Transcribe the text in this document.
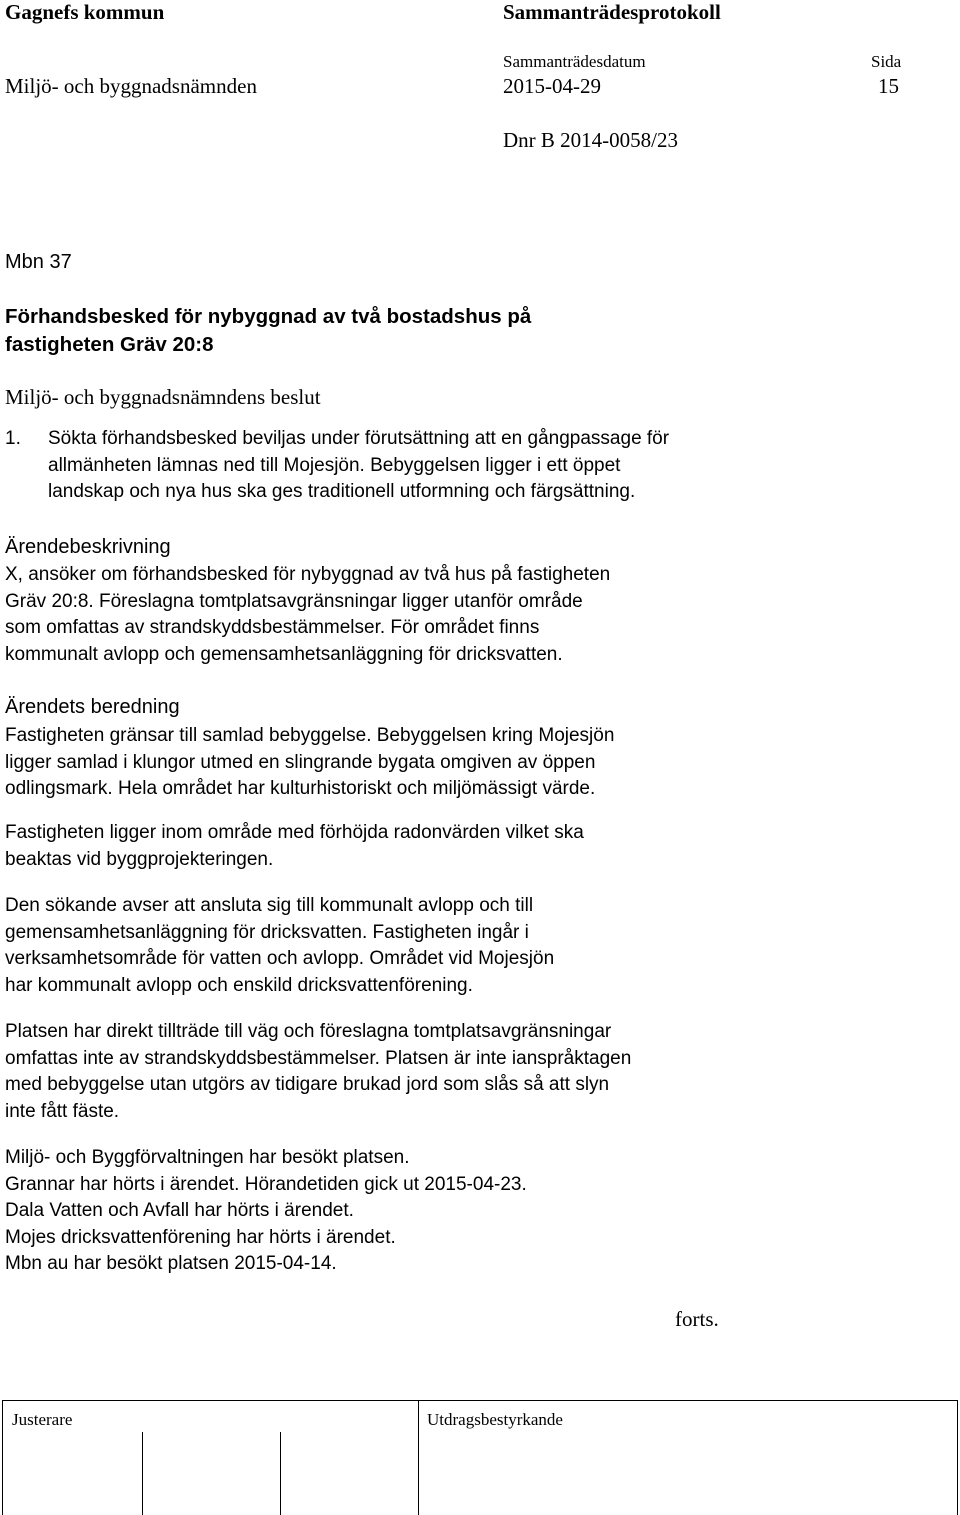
Gagnefs kommun	Sammanträdesprotokoll
Sammanträdesdatum	Sida
Miljö- och byggnadsnämnden	2015-04-29	15
Dnr B 2014-0058/23
Mbn 37
Förhandsbesked för nybyggnad av två bostadshus på
fastigheten Gräv 20:8
Miljö- och byggnadsnämndens beslut
1. Sökta förhandsbesked beviljas under förutsättning att en gångpassage för
allmänheten lämnas ned till Mojesjön. Bebyggelsen ligger i ett öppet
landskap och nya hus ska ges traditionell utformning och färgsättning.
Ärendebeskrivning
X, ansöker om förhandsbesked för nybyggnad av två hus på fastigheten
Gräv 20:8. Föreslagna tomtplatsavgränsningar ligger utanför område
som omfattas av strandskyddsbestämmelser. För området finns
kommunalt avlopp och gemensamhetsanläggning för dricksvatten.
Ärendets beredning
Fastigheten gränsar till samlad bebyggelse. Bebyggelsen kring Mojesjön
ligger samlad i klungor utmed en slingrande bygata omgiven av öppen
odlingsmark. Hela området har kulturhistoriskt och miljömässigt värde.
Fastigheten ligger inom område med förhöjda radonvärden vilket ska
beaktas vid byggprojekteringen.
Den sökande avser att ansluta sig till kommunalt avlopp och till
gemensamhetsanläggning för dricksvatten. Fastigheten ingår i
verksamhetsområde för vatten och avlopp. Området vid Mojesjön
har kommunalt avlopp och enskild dricksvattenförening.
Platsen har direkt tillträde till väg och föreslagna tomtplatsavgränsningar
omfattas inte av strandskyddsbestämmelser. Platsen är inte ianspråktagen
med bebyggelse utan utgörs av tidigare brukad jord som slås så att slyn
inte fått fäste.
Miljö- och Byggförvaltningen har besökt platsen.
Grannar har hörts i ärendet. Hörandetiden gick ut 2015-04-23.
Dala Vatten och Avfall har hörts i ärendet.
Mojes dricksvattenförening har hörts i ärendet.
Mbn au har besökt platsen 2015-04-14.
forts.
Justerare	Utdragsbestyrkande
